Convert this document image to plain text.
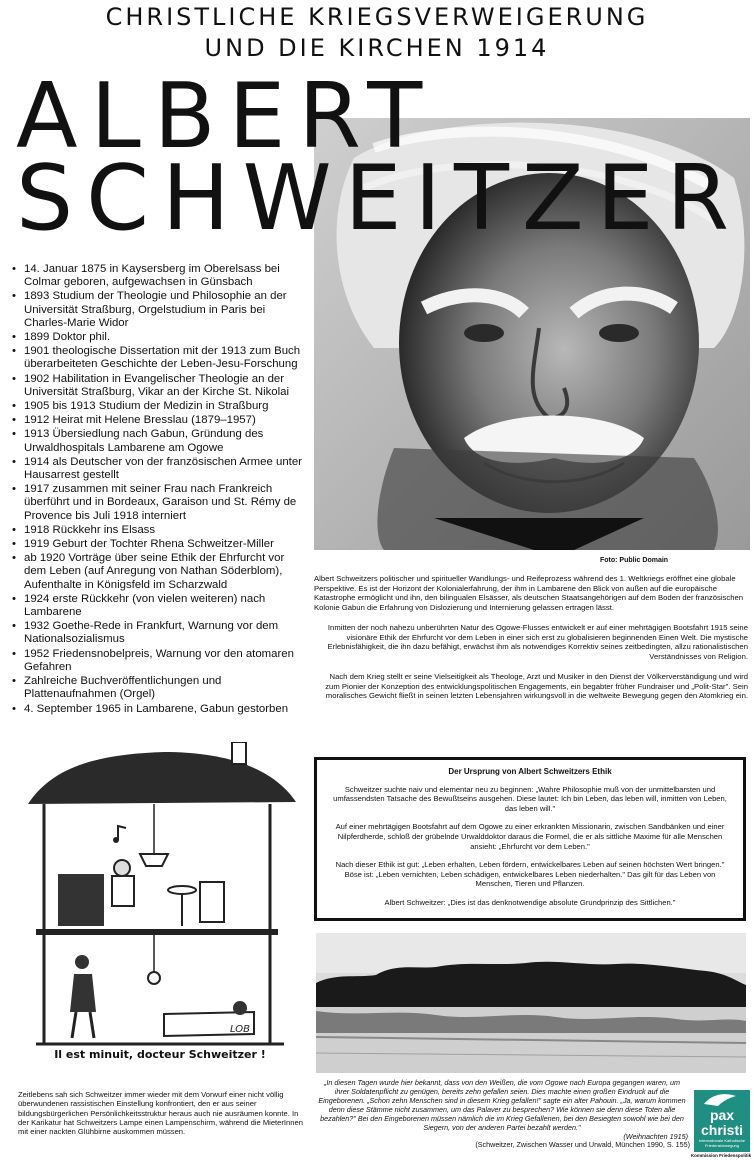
CHRISTLICHE KRIEGSVERWEIGERUNG
UND DIE KIRCHEN 1914
ALBERT
SCHWEITZER
Foto: Public Domain
• 14. Januar 1875 in Kaysersberg im Oberelsass bei Colmar geboren, aufgewachsen in Günsbach
• 1893 Studium der Theologie und Philosophie an der Universität Straßburg, Orgelstudium in Paris bei Charles-Marie Widor
• 1899 Doktor phil.
• 1901 theologische Dissertation mit der 1913 zum Buch überarbeiteten Geschichte der Leben-Jesu-Forschung
• 1902 Habilitation in Evangelischer Theologie an der Universität Straßburg, Vikar an der Kirche St. Nikolai
• 1905 bis 1913 Studium der Medizin in Straßburg
• 1912 Heirat mit Helene Bresslau (1879–1957)
• 1913 Übersiedlung nach Gabun, Gründung des Urwaldhospitals Lambarene am Ogowe
• 1914 als Deutscher von der französischen Armee unter Hausarrest gestellt
• 1917 zusammen mit seiner Frau nach Frankreich überführt und in Bordeaux, Garaison und St. Rémy de Provence bis Juli 1918 interniert
• 1918 Rückkehr ins Elsass
• 1919 Geburt der Tochter Rhena Schweitzer-Miller
• ab 1920 Vorträge über seine Ethik der Ehrfurcht vor dem Leben (auf Anregung von Nathan Söderblom), Aufenthalte in Königsfeld im Scharzwald
• 1924 erste Rückkehr (von vielen weiteren) nach Lambarene
• 1932 Goethe-Rede in Frankfurt, Warnung vor dem Nationalsozialismus
• 1952 Friedensnobelpreis, Warnung vor den atomaren Gefahren
• Zahlreiche Buchveröffentlichungen und Plattenaufnahmen (Orgel)
• 4. September 1965 in Lambarene, Gabun gestorben

Albert Schweitzers politischer und spiritueller Wandlungs- und Reifeprozess während des 1. Weltkriegs eröffnet eine globale Perspektive. Es ist der Horizont der Kolonialerfahrung, der ihm in Lambarene den Blick von außen auf die europäische Katastrophe ermöglicht und ihn, den bilingualen Elsässer, als deutschen Staatsangehörigen auf dem Boden der französischen Kolonie Gabun die Erfahrung von Dislozierung und Internierung gelassen ertragen lässt.

Inmitten der noch nahezu unberührten Natur des Ogowe-Flusses entwickelt er auf einer mehrtägigen Bootsfahrt 1915 seine visionäre Ethik der Ehrfurcht vor dem Leben in einer sich erst zu globalisieren beginnenden Einen Welt. Die mystische Erlebnisfähigkeit, die ihn dazu befähigt, erwächst ihm als notwendiges Korrektiv seines zeitbedingten, allzu rationalistischen Verständnisses von Religion.

Nach dem Krieg stellt er seine Vielseitigkeit als Theologe, Arzt und Musiker in den Dienst der Völkerverständigung und wird zum Pionier der Konzeption des entwicklungspolitischen Engagements, ein begabter früher Fundraiser und „Polit-Star". Sein moralisches Gewicht fließt in seinen letzten Lebensjahren wirkungsvoll in die weltweite Bewegung gegen den Atomkrieg ein.

Der Ursprung von Albert Schweitzers Ethik

Schweitzer suchte naiv und elementar neu zu beginnen: „Wahre Philosophie muß von der unmittelbarsten und umfassendsten Tatsache des Bewußtseins ausgehen. Diese lautet: Ich bin Leben, das leben will, inmitten von Leben, das leben will."

Auf einer mehrtägigen Bootsfahrt auf dem Ogowe zu einer erkrankten Missionarin, zwischen Sandbänken und einer Nilpferdherde, schloß der grübelnde Urwalddoktor daraus die Formel, die er als sittliche Maxime für alle Menschen ansieht: „Ehrfurcht vor dem Leben."

Nach dieser Ethik ist gut: „Leben erhalten, Leben fördern, entwickelbares Leben auf seinen höchsten Wert bringen." Böse ist: „Leben vernichten, Leben schädigen, entwickelbares Leben niederhalten." Das gilt für das Leben von Menschen, Tieren und Pflanzen.

Albert Schweitzer: „Dies ist das denknotwendige absolute Grundprinzip des Sittlichen."

LOB
Il est minuit, docteur Schweitzer !
Zeitlebens sah sich Schweitzer immer wieder mit dem Vorwurf einer nicht völlig überwundenen rassistischen Einstellung konfrontiert, den er aus seiner bildungsbürgerlichen Persönlichkeitsstruktur heraus auch nie ausräumen konnte. In der Karikatur hat Schweitzers Lampe einen Lampenschirm, während die MieterInnen mit einer nackten Glühbirne auskommen müssen.
„In diesen Tagen wurde hier bekannt, dass von den Weißen, die vom Ogowe nach Europa gegangen waren, um ihrer Soldatenpflicht zu genügen, bereits zehn gefallen seien. Dies machte einen großen Eindruck auf die Eingeborenen. „Schon zehn Menschen sind in diesem Krieg gefallen!" sagte ein alter Pahouin. „Ja, warum kommen denn diese Stämme nicht zusammen, um das Palaver zu besprechen? Wie können sie denn diese Toten alle bezahlen?" Bei den Eingeborenen müssen nämlich die im Krieg Gefallenen, bei den Besiegten sowohl wie bei den Siegern, von der anderen Partei bezahlt werden."
(Weihnachten 1915)
(Schweitzer, Zwischen Wasser und Urwald, München 1990, S. 155)
pax
christi
Internationale Katholische Friedensbewegung
Kommission Friedenspolitik
